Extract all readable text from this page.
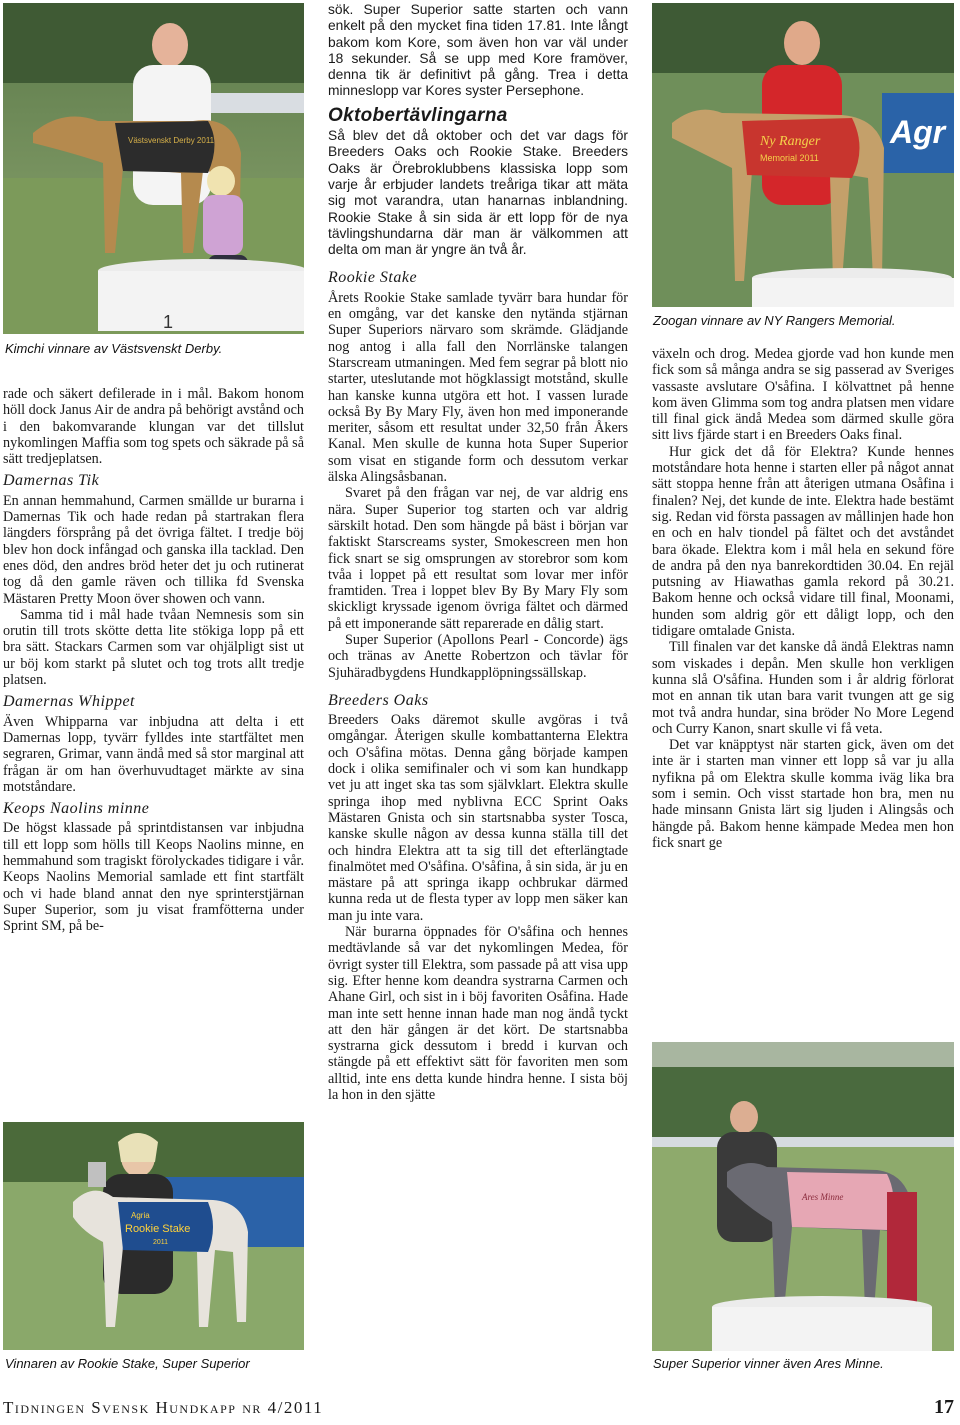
Västsvenskt Derby 2011
1
Kimchi vinnare av Västsvenskt Derby.

rade och säkert defilerade in i mål. Bakom honom höll dock Janus Air de andra på behörigt avstånd och i den bakomvarande klungan var det tillslut nykomlingen Maffia som tog spets och säkrade på så sätt tredjeplatsen.

Damernas Tik

En annan hemmahund, Carmen smällde ur burarna i Damernas Tik och hade redan på startrakan flera längders försprång på det övriga fältet. I tredje böj blev hon dock infångad och ganska illa tacklad. Den enes död, den andres bröd heter det ju och rutinerat tog då den gamle räven och tillika fd Svenska Mästaren Pretty Moon över showen och vann.

Samma tid i mål hade tvåan Nemnesis som sin orutin till trots skötte detta lite stökiga lopp på ett bra sätt. Stackars Carmen som var ohjälpligt sist ut ur böj kom starkt på slutet och tog trots allt tredje platsen.

Damernas Whippet

Även Whipparna var inbjudna att delta i ett Damernas lopp, tyvärr fylldes inte startfältet men segraren, Grimar, vann ändå med så stor marginal att frågan är om han överhuvudtaget märkte av sina motståndare.

Keops Naolins minne

De högst klassade på sprintdistansen var inbjudna till ett lopp som hölls till Keops Naolins minne, en hemmahund som tragiskt förolyckades tidigare i vår. Keops Naolins Memorial samlade ett fint startfält och vi hade bland annat den nye sprinterstjärnan Super Superior, som ju visat framfötterna under Sprint SM, på be-

Agria
Rookie Stake
2011
Vinnaren av Rookie Stake, Super Superior

sök. Super Superior satte starten och vann enkelt på den mycket fina tiden 17.81. Inte långt bakom kom Kore, som även hon var väl under 18 sekunder. Så se upp med Kore framöver, denna tik är definitivt på gång. Trea i detta minneslopp var Kores syster Persephone.

Oktobertävlingarna

Så blev det då oktober och det var dags för Breeders Oaks och Rookie Stake. Breeders Oaks är Örebroklubbens klassiska lopp som varje år erbjuder landets treåriga tikar att mäta sig mot varandra, utan hanarnas inblandning. Rookie Stake å sin sida är ett lopp för de nya tävlingshundarna där man är välkommen att delta om man är yngre än två år.

Rookie Stake

Årets Rookie Stake samlade tyvärr bara hundar för en omgång, var det kanske den nytända stjärnan Super Superiors närvaro som skrämde. Glädjande nog antog i alla fall den Norrlänske talangen Starscream utmaningen. Med fem segrar på blott nio starter, uteslutande mot högklassigt motstånd, skulle han kanske kunna utgöra ett hot. I vassen lurade också By By Mary Fly, även hon med imponerande meriter, såsom ett resultat under 32,50 från Åkers Kanal. Men skulle de kunna hota Super Superior som visat en stigande form och dessutom verkar älska Alingsåsbanan.

Svaret på den frågan var nej, de var aldrig ens nära. Super Superior tog starten och var aldrig särskilt hotad. Den som hängde på bäst i början var faktiskt Starscreams syster, Smokescreen men hon fick snart se sig omsprungen av storebror som kom tvåa i loppet på ett resultat som lovar mer inför framtiden. Trea i loppet blev By By Mary Fly som skickligt kryssade igenom övriga fältet och därmed på ett imponerande sätt reparerade en dålig start.

Super Superior (Apollons Pearl - Concorde) ägs och tränas av Anette Robertzon och tävlar för Sjuhäradbygdens Hundkapplöpningssällskap.

Breeders Oaks

Breeders Oaks däremot skulle avgöras i två omgångar. Återigen skulle kombattanterna Elektra och O'såfina mötas. Denna gång började kampen dock i olika semifinaler och vi som kan hundkapp vet ju att inget ska tas som självklart. Elektra skulle springa ihop med nyblivna ECC Sprint Oaks Mästaren Gnista och sin startsnabba syster Tosca, kanske skulle någon av dessa kunna ställa till det och hindra Elektra att ta sig till det efterlängtade finalmötet med O'såfina. O'såfina, å sin sida, är ju en mästare på att springa ikapp ochbrukar därmed kunna reda ut de flesta typer av lopp men säker kan man ju inte vara.

När burarna öppnades för O'såfina och hennes medtävlande så var det nykomlingen Medea, för övrigt syster till Elektra, som passade på att visa upp sig. Efter henne kom deandra systrarna Carmen och Ahane Girl, och sist in i böj favoriten Osåfina. Hade man inte sett henne innan hade man nog ändå tyckt att den här gången är det kört. De startsnabba systrarna gick dessutom i bredd i kurvan och stängde på ett effektivt sätt för favoriten men som alltid, inte ens detta kunde hindra henne. I sista böj la hon in den sjätte

Agr
Ny Ranger
Memorial 2011
Zoogan vinnare av NY Rangers Memorial.

växeln och drog. Medea gjorde vad hon kunde men fick som så många andra se sig passerad av Sveriges vassaste avslutare O'såfina. I kölvattnet på henne kom även Glimma som tog andra platsen men vidare till final gick ändå Medea som därmed skulle göra sitt livs fjärde start i en Breeders Oaks final.

Hur gick det då för Elektra? Kunde hennes motståndare hota henne i starten eller på något annat sätt stoppa henne från att återigen utmana Osåfina i finalen? Nej, det kunde de inte. Elektra hade bestämt sig. Redan vid första passagen av mållinjen hade hon en och en halv tiondel på fältet och det avståndet bara ökade. Elektra kom i mål hela en sekund före de andra på den nya banrekordtiden 30.04. En rejäl putsning av Hiawathas gamla rekord på 30.21. Bakom henne och också vidare till final, Moonami, hunden som aldrig gör ett dåligt lopp, och den tidigare omtalade Gnista.

Till finalen var det kanske då ändå Elektras namn som viskades i depån. Men skulle hon verkligen kunna slå O'såfina. Hunden som i år aldrig förlorat mot en annan tik utan bara varit tvungen att ge sig mot två andra hundar, sina bröder No More Legend och Curry Kanon, snart skulle vi få veta.

Det var knäpptyst när starten gick, även om det inte är i starten man vinner ett lopp så var ju alla nyfikna på om Elektra skulle komma iväg lika bra som i semin. Och visst startade hon bra, men nu hade minsann Gnista lärt sig ljuden i Alingsås och hängde på. Bakom henne kämpade Medea men hon fick snart ge

Ares Minne
Super Superior vinner även Ares Minne.
Tidningen Svensk Hundkapp nr 4/2011	17
